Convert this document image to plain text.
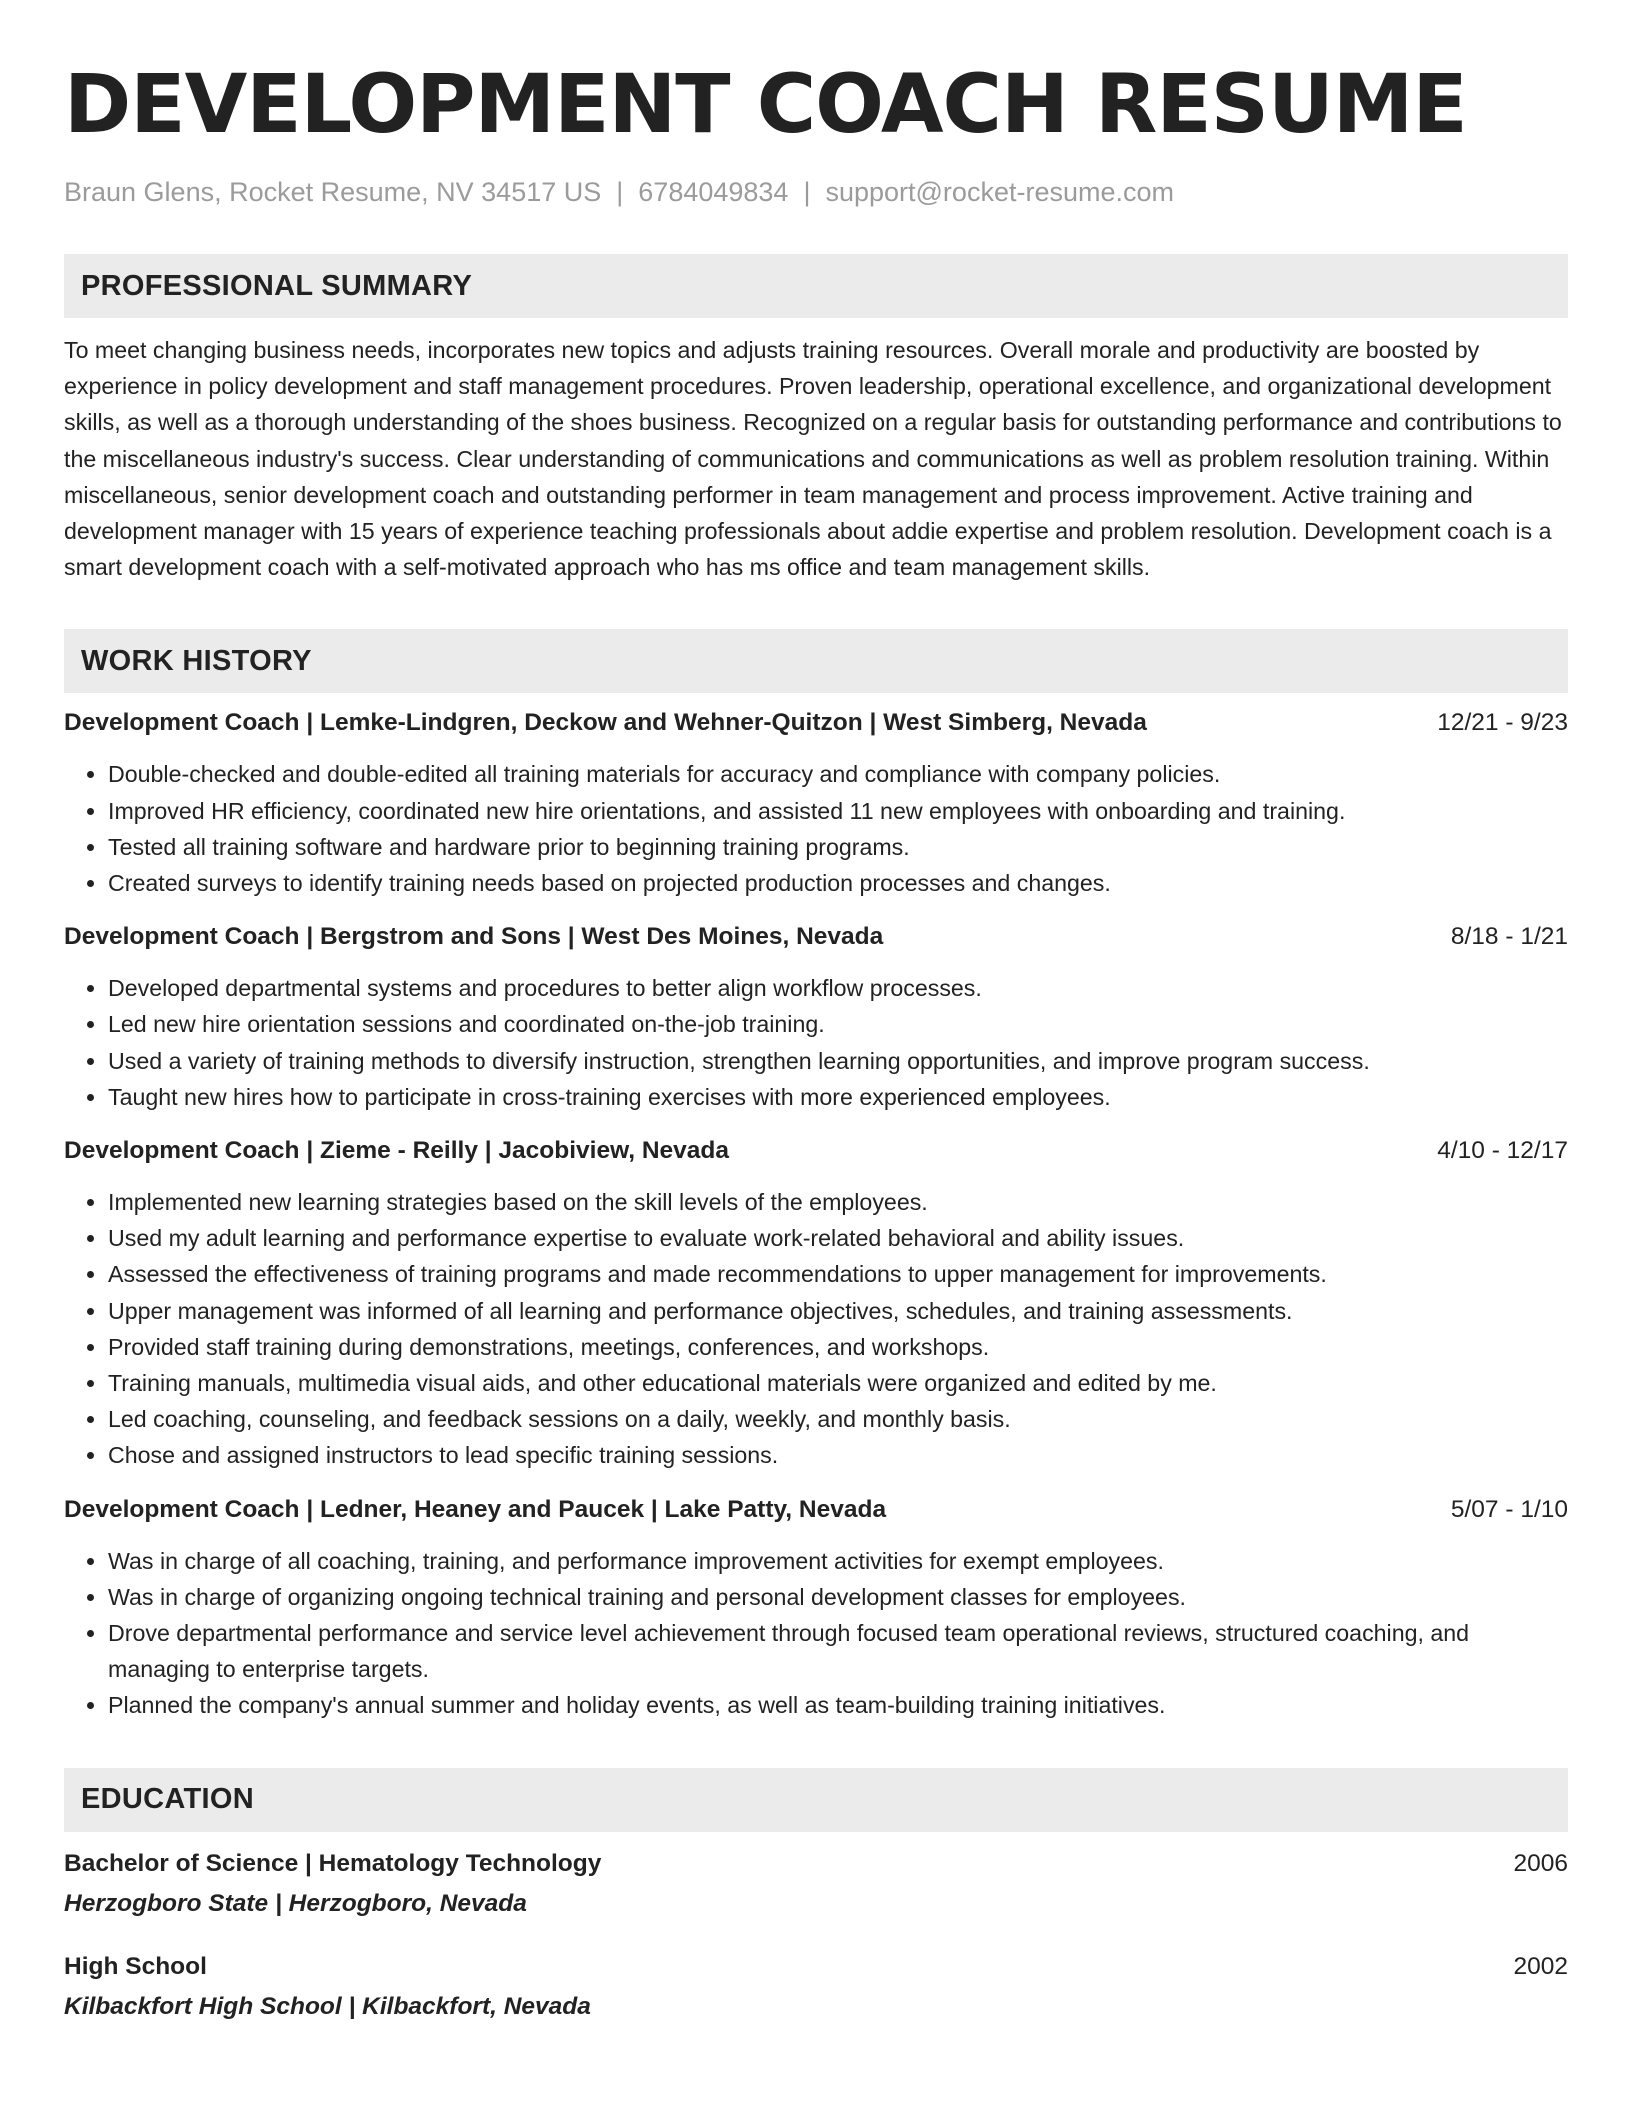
DEVELOPMENT COACH RESUME
Braun Glens, Rocket Resume, NV 34517 US | 6784049834 | support@rocket-resume.com
PROFESSIONAL SUMMARY
To meet changing business needs, incorporates new topics and adjusts training resources. Overall morale and productivity are boosted by experience in policy development and staff management procedures. Proven leadership, operational excellence, and organizational development skills, as well as a thorough understanding of the shoes business. Recognized on a regular basis for outstanding performance and contributions to the miscellaneous industry's success. Clear understanding of communications and communications as well as problem resolution training. Within miscellaneous, senior development coach and outstanding performer in team management and process improvement. Active training and development manager with 15 years of experience teaching professionals about addie expertise and problem resolution. Development coach is a smart development coach with a self-motivated approach who has ms office and team management skills.
WORK HISTORY
Development Coach | Lemke-Lindgren, Deckow and Wehner-Quitzon | West Simberg, Nevada	12/21 - 9/23
• Double-checked and double-edited all training materials for accuracy and compliance with company policies.
• Improved HR efficiency, coordinated new hire orientations, and assisted 11 new employees with onboarding and training.
• Tested all training software and hardware prior to beginning training programs.
• Created surveys to identify training needs based on projected production processes and changes.
Development Coach | Bergstrom and Sons | West Des Moines, Nevada	8/18 - 1/21
• Developed departmental systems and procedures to better align workflow processes.
• Led new hire orientation sessions and coordinated on-the-job training.
• Used a variety of training methods to diversify instruction, strengthen learning opportunities, and improve program success.
• Taught new hires how to participate in cross-training exercises with more experienced employees.
Development Coach | Zieme - Reilly | Jacobiview, Nevada	4/10 - 12/17
• Implemented new learning strategies based on the skill levels of the employees.
• Used my adult learning and performance expertise to evaluate work-related behavioral and ability issues.
• Assessed the effectiveness of training programs and made recommendations to upper management for improvements.
• Upper management was informed of all learning and performance objectives, schedules, and training assessments.
• Provided staff training during demonstrations, meetings, conferences, and workshops.
• Training manuals, multimedia visual aids, and other educational materials were organized and edited by me.
• Led coaching, counseling, and feedback sessions on a daily, weekly, and monthly basis.
• Chose and assigned instructors to lead specific training sessions.
Development Coach | Ledner, Heaney and Paucek | Lake Patty, Nevada	5/07 - 1/10
• Was in charge of all coaching, training, and performance improvement activities for exempt employees.
• Was in charge of organizing ongoing technical training and personal development classes for employees.
• Drove departmental performance and service level achievement through focused team operational reviews, structured coaching, and managing to enterprise targets.
• Planned the company's annual summer and holiday events, as well as team-building training initiatives.
EDUCATION
Bachelor of Science | Hematology Technology	2006
Herzogboro State | Herzogboro, Nevada
High School	2002
Kilbackfort High School | Kilbackfort, Nevada
